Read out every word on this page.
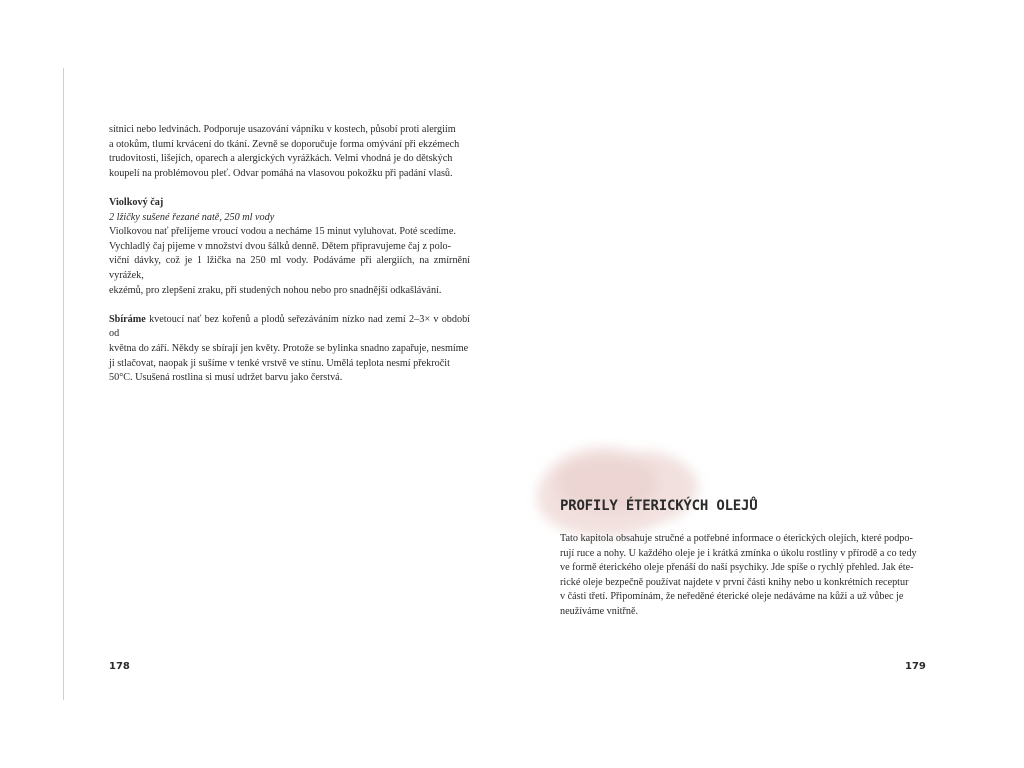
sítnici nebo ledvinách. Podporuje usazování vápníku v kostech, působí proti alergiím
a otokům, tlumí krvácení do tkání. Zevně se doporučuje forma omývání při ekzémech
trudovitosti, lišejích, oparech a alergických vyrážkách. Velmi vhodná je do dětských
koupelí na problémovou pleť. Odvar pomáhá na vlasovou pokožku při padání vlasů.
Violkový čaj
2 lžičky sušené řezané natě, 250 ml vody
Violkovou nať přelijeme vroucí vodou a necháme 15 minut vyluhovat. Poté scedíme.
Vychladlý čaj pijeme v množství dvou šálků denně. Dětem připravujeme čaj z polo-
viční dávky, což je 1 lžička na 250 ml vody. Podáváme při alergiích, na zmírnění vyrážek,
ekzémů, pro zlepšení zraku, při studených nohou nebo pro snadnější odkašlávání.
Sbíráme kvetoucí nať bez kořenů a plodů seřezáváním nízko nad zemí 2–3× v období od
května do září. Někdy se sbírají jen květy. Protože se bylinka snadno zapařuje, nesmíme
ji stlačovat, naopak ji sušíme v tenké vrstvě ve stínu. Umělá teplota nesmí překročit
50°C. Usušená rostlina si musí udržet barvu jako čerstvá.
178
PROFILY ÉTERICKÝCH OLEJŮ
Tato kapitola obsahuje stručné a potřebné informace o éterických olejích, které podpo-
rují ruce a nohy. U každého oleje je i krátká zmínka o úkolu rostliny v přírodě a co tedy
ve formě éterického oleje přenáší do naší psychiky. Jde spíše o rychlý přehled. Jak éte-
rické oleje bezpečně používat najdete v první části knihy nebo u konkrétních receptur
v části třetí. Připomínám, že neředěné éterické oleje nedáváme na kůži a už vůbec je
neužíváme vnitřně.
179
